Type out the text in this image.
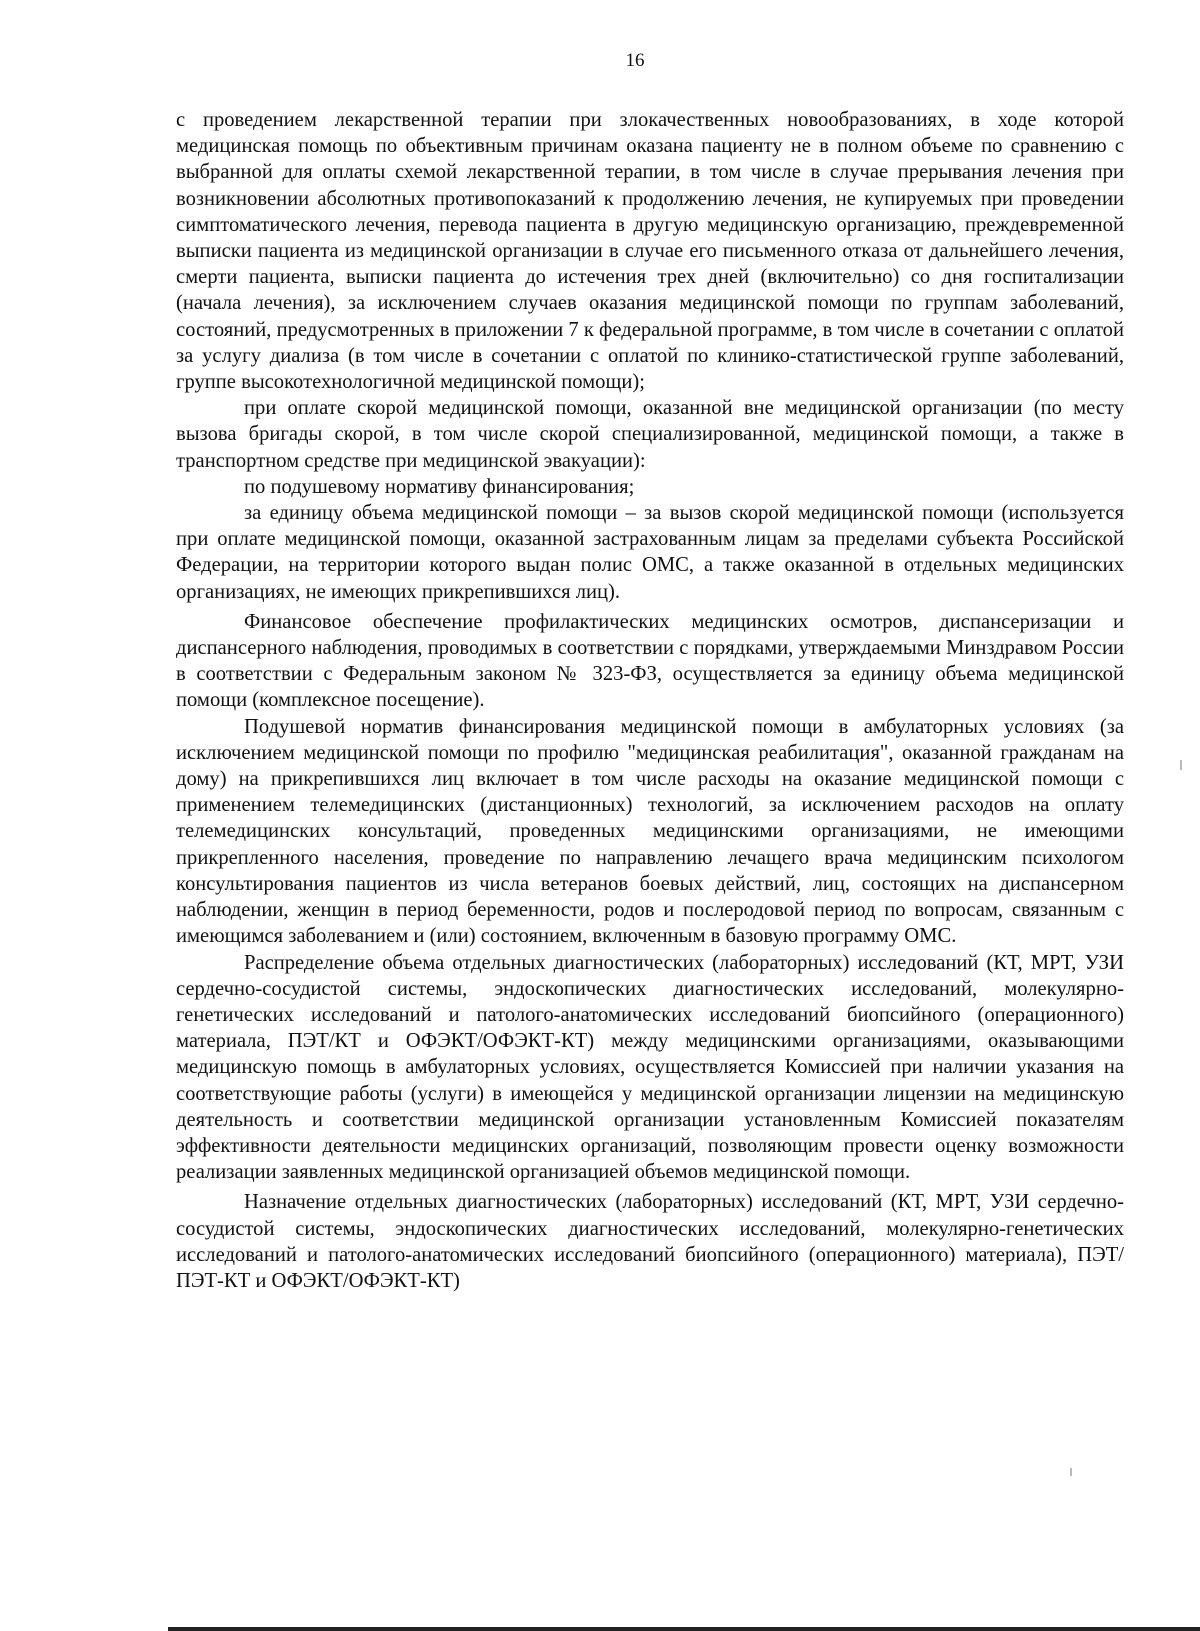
16

с проведением лекарственной терапии при злокачественных новообразованиях, в ходе которой медицинская помощь по объективным причинам оказана пациенту не в полном объеме по сравнению с выбранной для оплаты схемой лекарственной терапии, в том числе в случае прерывания лечения при возникновении абсолютных противопоказаний к продолжению лечения, не купируемых при проведении симптоматического лечения, перевода пациента в другую медицинскую организацию, преждевременной выписки пациента из медицинской организации в случае его письменного отказа от дальнейшего лечения, смерти пациента, выписки пациента до истечения трех дней (включительно) со дня госпитализации (начала лечения), за исключением случаев оказания медицинской помощи по группам заболеваний, состояний, предусмотренных в приложении 7 к федеральной программе, в том числе в сочетании с оплатой за услугу диализа (в том числе в сочетании с оплатой по клинико-статистической группе заболеваний, группе высокотехнологичной медицинской помощи);

при оплате скорой медицинской помощи, оказанной вне медицинской организации (по месту вызова бригады скорой, в том числе скорой специализированной, медицинской помощи, а также в транспортном средстве при медицинской эвакуации):

по подушевому нормативу финансирования;

за единицу объема медицинской помощи – за вызов скорой медицинской помощи (используется при оплате медицинской помощи, оказанной застрахованным лицам за пределами субъекта Российской Федерации, на территории которого выдан полис ОМС, а также оказанной в отдельных медицинских организациях, не имеющих прикрепившихся лиц).

Финансовое обеспечение профилактических медицинских осмотров, диспансеризации и диспансерного наблюдения, проводимых в соответствии с порядками, утверждаемыми Минздравом России в соответствии с Федеральным законом № 323-ФЗ, осуществляется за единицу объема медицинской помощи (комплексное посещение).

Подушевой норматив финансирования медицинской помощи в амбулаторных условиях (за исключением медицинской помощи по профилю "медицинская реабилитация", оказанной гражданам на дому) на прикрепившихся лиц включает в том числе расходы на оказание медицинской помощи с применением телемедицинских (дистанционных) технологий, за исключением расходов на оплату телемедицинских консультаций, проведенных медицинскими организациями, не имеющими прикрепленного населения, проведение по направлению лечащего врача медицинским психологом консультирования пациентов из числа ветеранов боевых действий, лиц, состоящих на диспансерном наблюдении, женщин в период беременности, родов и послеродовой период по вопросам, связанным с имеющимся заболеванием и (или) состоянием, включенным в базовую программу ОМС.

Распределение объема отдельных диагностических (лабораторных) исследований (КТ, МРТ, УЗИ сердечно-сосудистой системы, эндоскопических диагностических исследований, молекулярно-генетических исследований и патолого-анатомических исследований биопсийного (операционного) материала, ПЭТ/КТ и ОФЭКТ/ОФЭКТ-КТ) между медицинскими организациями, оказывающими медицинскую помощь в амбулаторных условиях, осуществляется Комиссией при наличии указания на соответствующие работы (услуги) в имеющейся у медицинской организации лицензии на медицинскую деятельность и соответствии медицинской организации установленным Комиссией показателям эффективности деятельности медицинских организаций, позволяющим провести оценку возможности реализации заявленных медицинской организацией объемов медицинской помощи.

Назначение отдельных диагностических (лабораторных) исследований (КТ, МРТ, УЗИ сердечно-сосудистой системы, эндоскопических диагностических исследований, молекулярно-генетических исследований и патолого-анатомических исследований биопсийного (операционного) материала), ПЭТ/ПЭТ-КТ и ОФЭКТ/ОФЭКТ-КТ)
